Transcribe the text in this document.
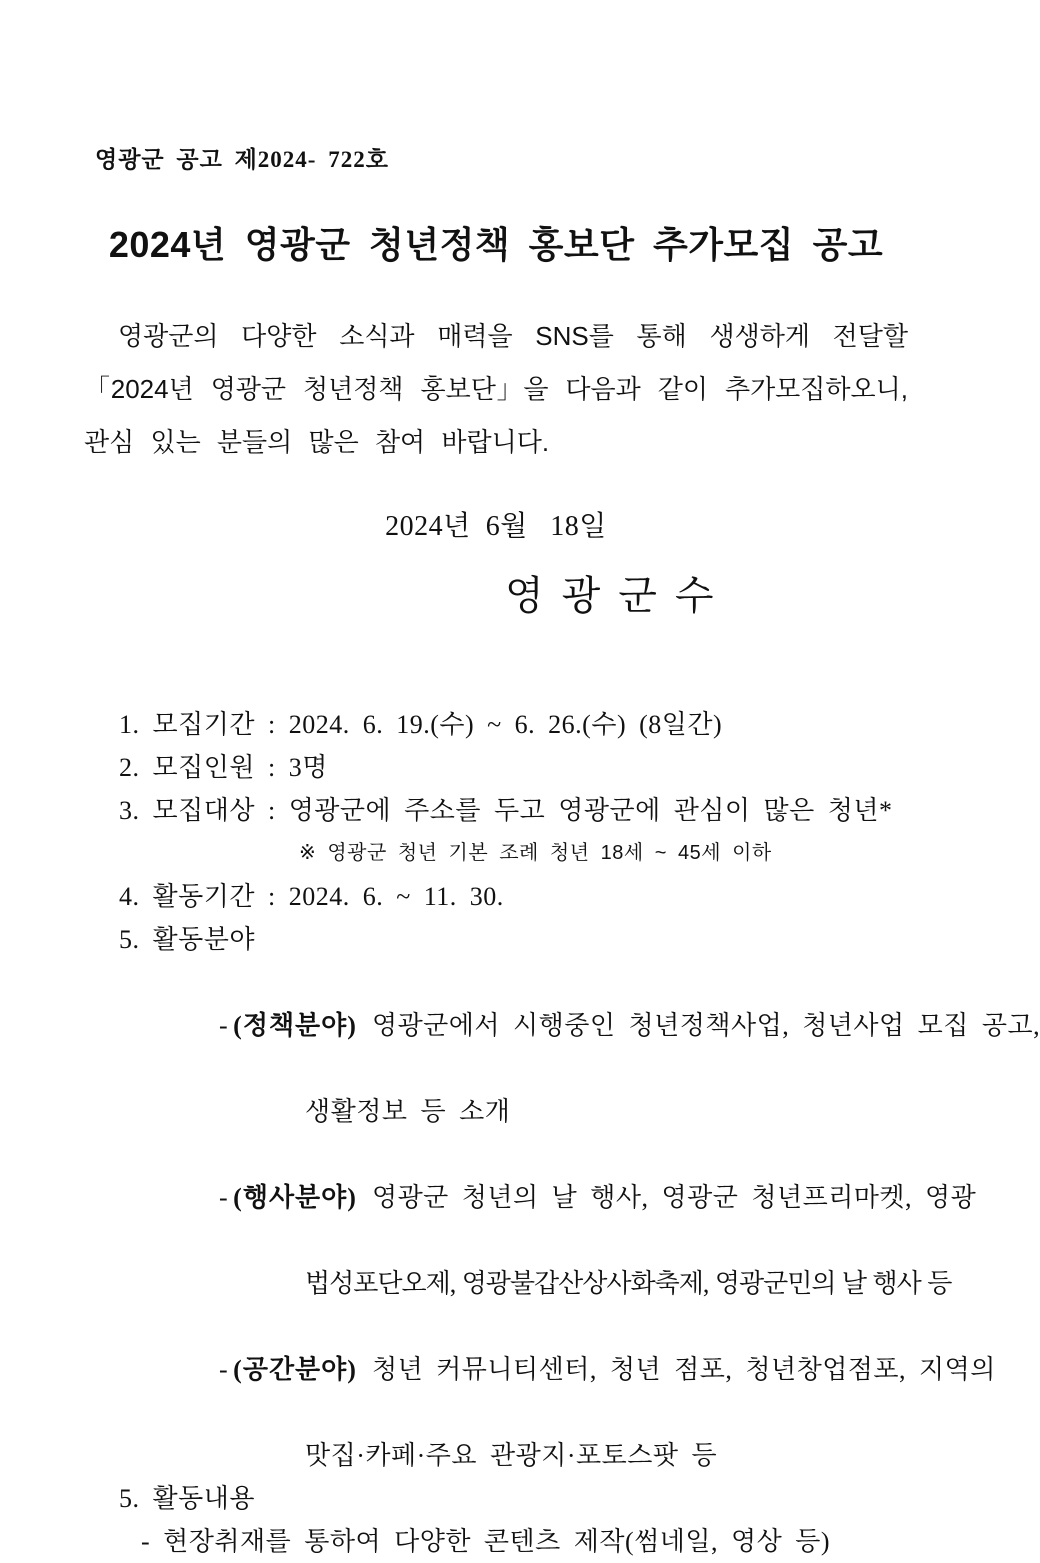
영광군 공고 제2024- 722호
2024년 영광군 청년정책 홍보단 추가모집 공고
영광군의 다양한 소식과 매력을 SNS를 통해 생생하게 전달할
「2024년 영광군 청년정책 홍보단」을 다음과 같이 추가모집하오니,
관심 있는 분들의 많은 참여 바랍니다.
2024년  6월   18일
영 광 군 수
1. 모집기간 : 2024. 6. 19.(수) ~ 6. 26.(수) (8일간)
2. 모집인원 : 3명
3. 모집대상 : 영광군에 주소를 두고 영광군에 관심이 많은 청년*
※ 영광군 청년 기본 조례 청년 18세 ~ 45세 이하
4. 활동기간 : 2024. 6. ~ 11. 30.
5. 활동분야

- (정책분야) 영광군에서 시행중인 청년정책사업, 청년사업 모집 공고,

생활정보 등 소개

- (행사분야) 영광군 청년의 날 행사, 영광군 청년프리마켓, 영광

법성포단오제, 영광불갑산상사화축제, 영광군민의 날 행사 등

- (공간분야) 청년 커뮤니티센터, 청년 점포, 청년창업점포, 지역의

맛집·카페·주요 관광지·포토스팟 등
5. 활동내용
- 현장취재를 통하여 다양한 콘텐츠 제작(썸네일, 영상 등)
